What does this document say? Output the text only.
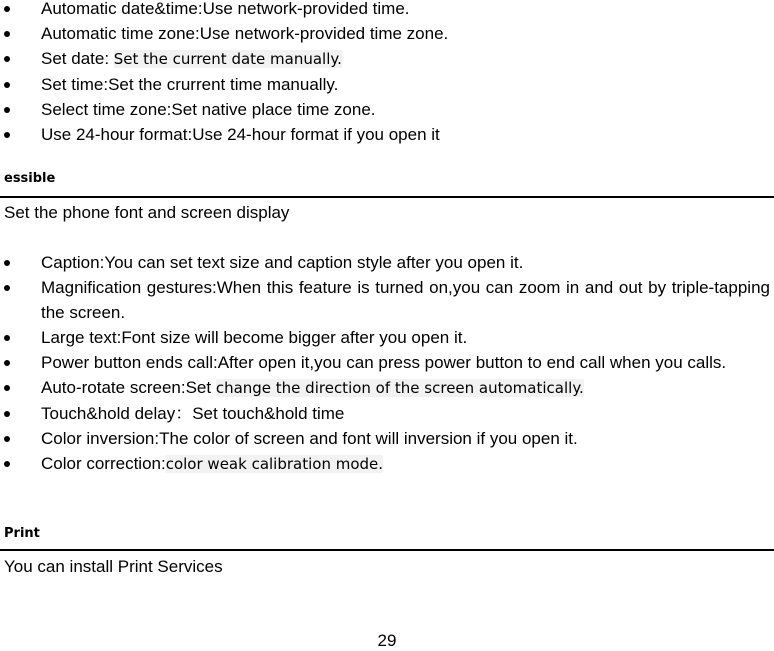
Automatic date&time:Use network-provided time.
Automatic time zone:Use network-provided time zone.
Set date: Set the current date manually.
Set time:Set the crurrent time manually.
Select time zone:Set native place time zone.
Use 24-hour format:Use 24-hour format if you open it
essible
Set the phone font and screen display
Caption:You can set text size and caption style after you open it.
Magnification gestures:When this feature is turned on,you can zoom in and out by triple-tapping the screen.
Large text:Font size will become bigger after you open it.
Power button ends call:After open it,you can press power button to end call when you calls.
Auto-rotate screen:Set change the direction of the screen automatically.
Touch&hold delay：Set touch&hold time
Color inversion:The color of screen and font will inversion if you open it.
Color correction:color weak calibration mode.
Print
You can install Print Services
29
